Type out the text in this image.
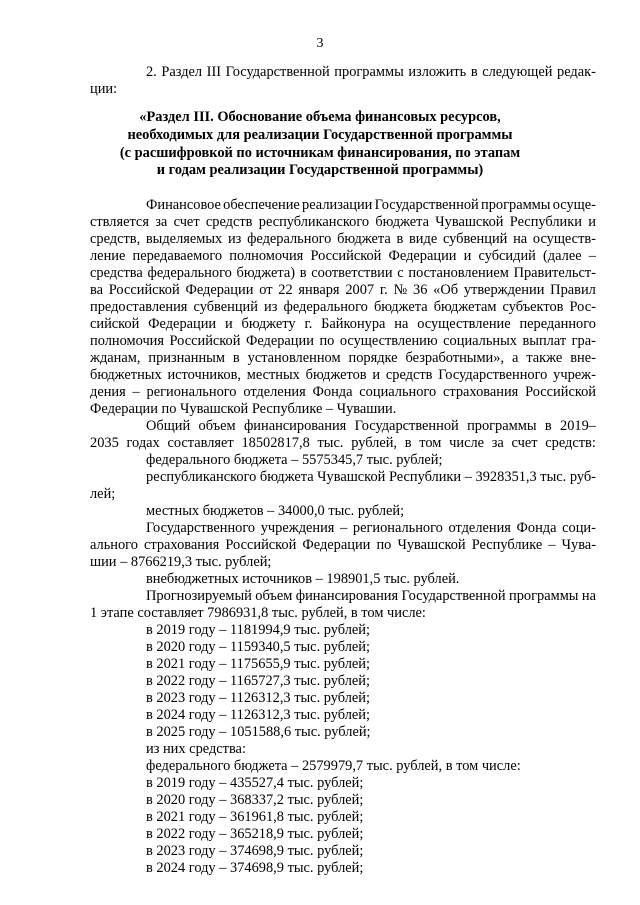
3
2. Раздел III Государственной программы изложить в следующей редак-
ции:
«Раздел III. Обоснование объема финансовых ресурсов,
необходимых для реализации Государственной программы
(с расшифровкой по источникам финансирования, по этапам
и годам реализации Государственной программы)
Финансовое обеспечение реализации Государственной программы осуще-
ствляется за счет средств республиканского бюджета Чувашской Республики и
средств, выделяемых из федерального бюджета в виде субвенций на осуществ-
ление передаваемого полномочия Российской Федерации и субсидий (далее –
средства федерального бюджета) в соответствии с постановлением Правительст-
ва Российской Федерации от 22 января 2007 г. № 36 «Об утверждении Правил
предоставления субвенций из федерального бюджета бюджетам субъектов Рос-
сийской Федерации и бюджету г. Байконура на осуществление переданного
полномочия Российской Федерации по осуществлению социальных выплат гра-
жданам, признанным в установленном порядке безработными», а также вне-
бюджетных источников, местных бюджетов и средств Государственного учреж-
дения – регионального отделения Фонда социального страхования Российской
Федерации по Чувашской Республике – Чувашии.
Общий объем финансирования Государственной программы в 2019–
2035 годах составляет 18502817,8 тыс. рублей, в том числе за счет средств:
федерального бюджета – 5575345,7 тыс. рублей;
республиканского бюджета Чувашской Республики – 3928351,3 тыс. руб-
лей;
местных бюджетов – 34000,0 тыс. рублей;
Государственного учреждения – регионального отделения Фонда соци-
ального страхования Российской Федерации по Чувашской Республике – Чува-
шии – 8766219,3 тыс. рублей;
внебюджетных источников – 198901,5 тыс. рублей.
Прогнозируемый объем финансирования Государственной программы на
1 этапе составляет 7986931,8 тыс. рублей, в том числе:
в 2019 году – 1181994,9 тыс. рублей;
в 2020 году – 1159340,5 тыс. рублей;
в 2021 году – 1175655,9 тыс. рублей;
в 2022 году – 1165727,3 тыс. рублей;
в 2023 году – 1126312,3 тыс. рублей;
в 2024 году – 1126312,3 тыс. рублей;
в 2025 году – 1051588,6 тыс. рублей;
из них средства:
федерального бюджета – 2579979,7 тыс. рублей, в том числе:
в 2019 году – 435527,4 тыс. рублей;
в 2020 году – 368337,2 тыс. рублей;
в 2021 году – 361961,8 тыс. рублей;
в 2022 году – 365218,9 тыс. рублей;
в 2023 году – 374698,9 тыс. рублей;
в 2024 году – 374698,9 тыс. рублей;
